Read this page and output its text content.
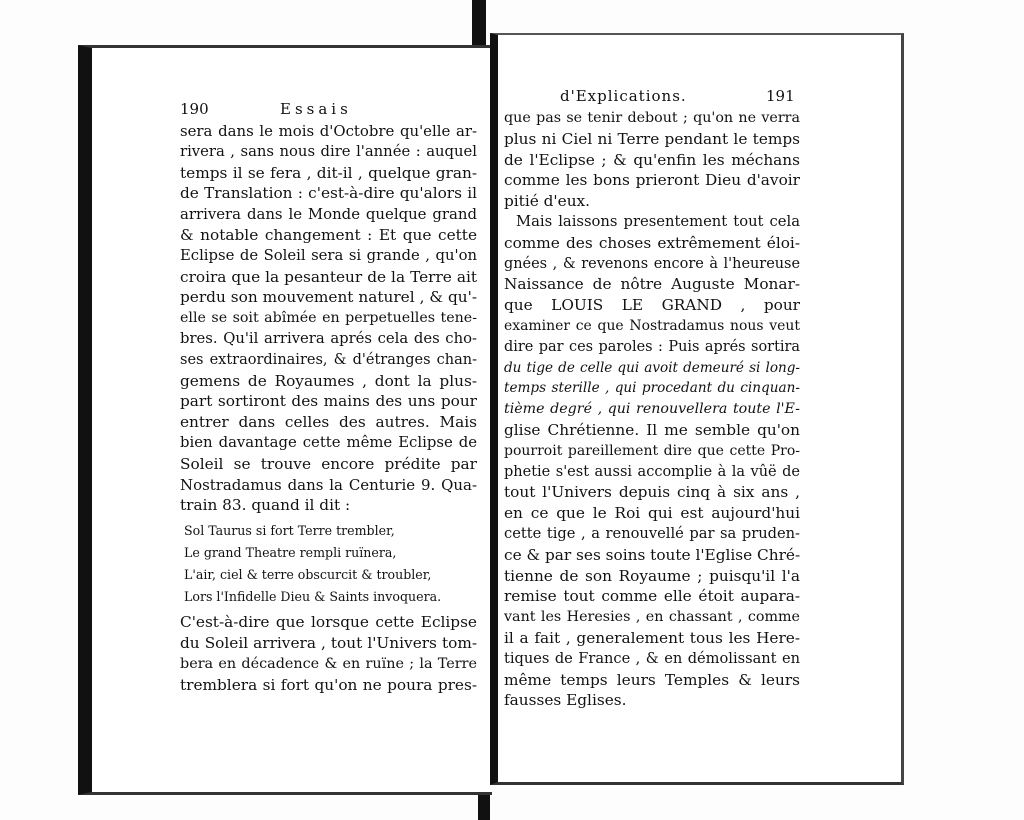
190	Essais
sera dans le mois d'Octobre qu'elle ar-
rivera , sans nous dire l'année : auquel
temps il se fera , dit-il , quelque gran-
de Translation : c'est-à-dire qu'alors il
arrivera dans le Monde quelque grand
& notable changement : Et que cette
Eclipse de Soleil sera si grande , qu'on
croira que la pesanteur de la Terre ait
perdu son mouvement naturel , & qu'-
elle se soit abîmée en perpetuelles tene-
bres. Qu'il arrivera aprés cela des cho-
ses extraordinaires, & d'étranges chan-
gemens de Royaumes , dont la plus-
part sortiront des mains des uns pour
entrer dans celles des autres. Mais
bien davantage cette même Eclipse de
Soleil se trouve encore prédite par
Nostradamus dans la Centurie 9. Qua-
train 83. quand il dit :
Sol Taurus si fort Terre trembler,
Le grand Theatre rempli ruïnera,
L'air, ciel & terre obscurcit & troubler,
Lors l'Infidelle Dieu & Saints invoquera.
C'est-à-dire que lorsque cette Eclipse
du Soleil arrivera , tout l'Univers tom-
bera en décadence & en ruïne ; la Terre
tremblera si fort qu'on ne poura pres-
d'Explications.	191
que pas se tenir debout ; qu'on ne verra
plus ni Ciel ni Terre pendant le temps
de l'Eclipse ; & qu'enfin les méchans
comme les bons prieront Dieu d'avoir
pitié d'eux.
Mais laissons presentement tout cela
comme des choses extrêmement éloi-
gnées , & revenons encore à l'heureuse
Naissance de nôtre Auguste Monar-
que LOUIS LE GRAND , pour
examiner ce que Nostradamus nous veut
dire par ces paroles : Puis aprés sortira
du tige de celle qui avoit demeuré si long-
temps sterille , qui procedant du cinquan-
tième degré , qui renouvellera toute l'E-
glise Chrétienne. Il me semble qu'on
pourroit pareillement dire que cette Pro-
phetie s'est aussi accomplie à la vûë de
tout l'Univers depuis cinq à six ans ,
en ce que le Roi qui est aujourd'hui
cette tige , a renouvellé par sa pruden-
ce & par ses soins toute l'Eglise Chré-
tienne de son Royaume ; puisqu'il l'a
remise tout comme elle étoit aupara-
vant les Heresies , en chassant , comme
il a fait , generalement tous les Here-
tiques de France , & en démolissant en
même temps leurs Temples & leurs
fausses Eglises.
